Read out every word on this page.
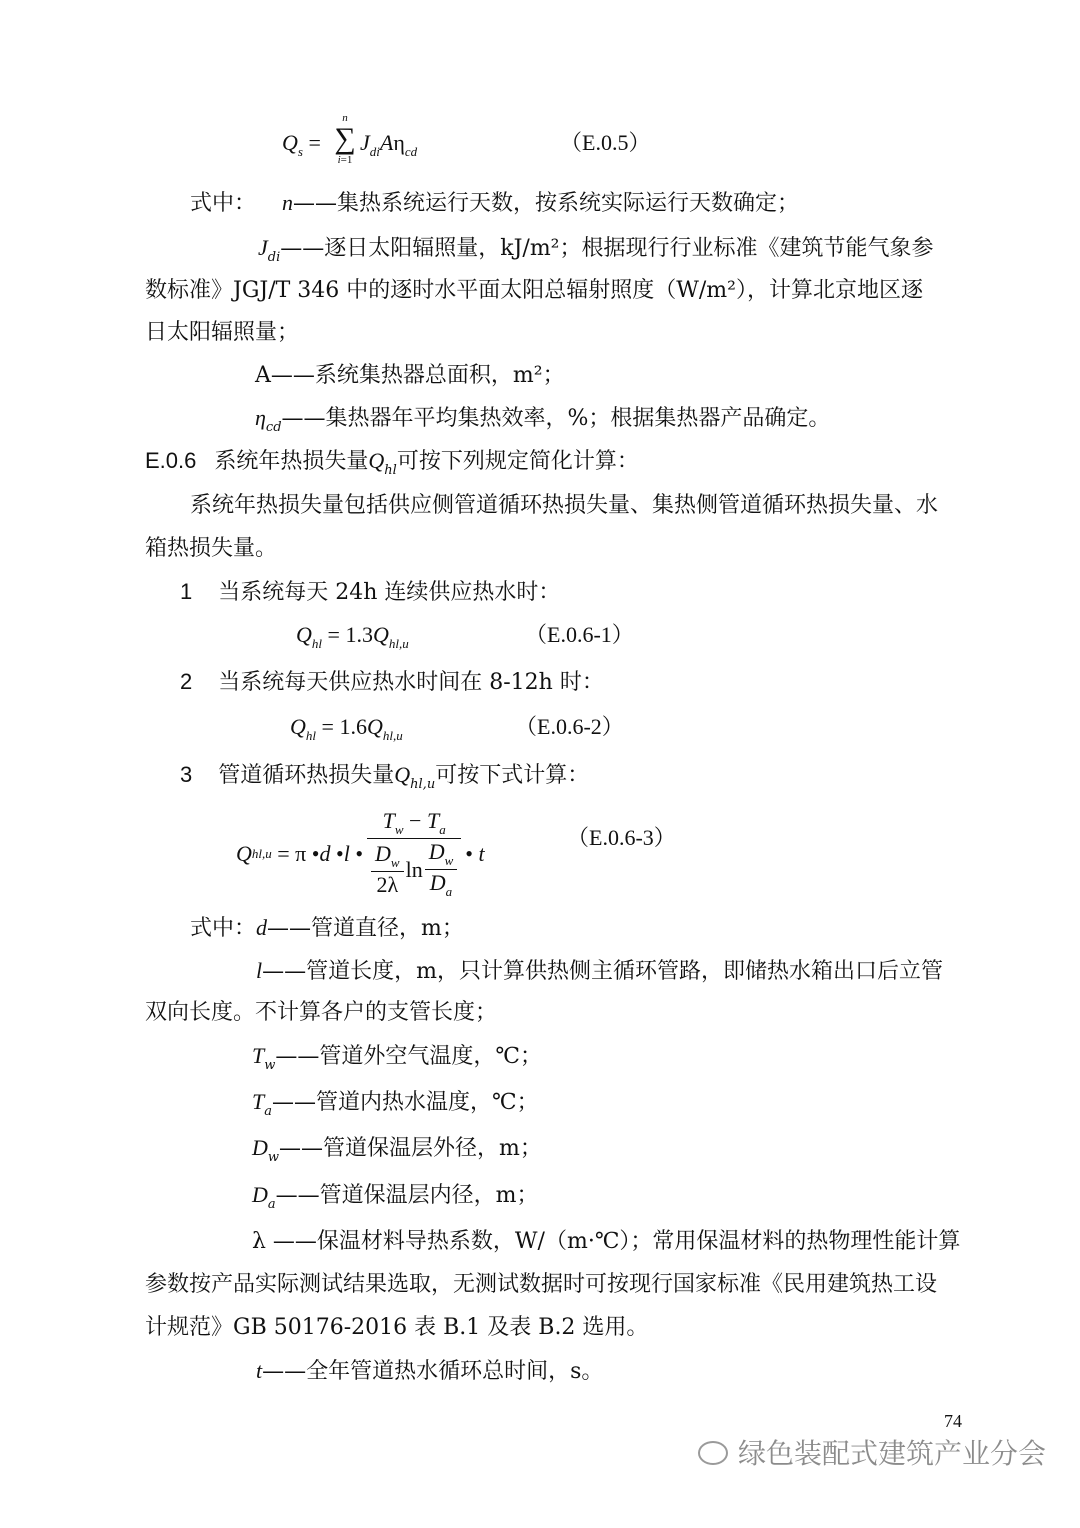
$Q_s$ =
n
∑
i=1
$J_{di}A\eta_{cd}$	（E.0.5）
式中： n——集热系统运行天数，按系统实际运行天数确定；
$J_{di}——$逐日太阳辐照量，kJ/m²；根据现行行业标准《建筑节能气象参
数标准》JGJ/T 346 中的逐时水平面太阳总辐射照度（W/m²），计算北京地区逐
日太阳辐照量；
A——系统集热器总面积，m²；
$\eta_{cd}——$集热器年平均集热效率，%；根据集热器产品确定。
E.0.6 系统年热损失量$Q_{hl}$可按下列规定简化计算：
系统年热损失量包括供应侧管道循环热损失量、集热侧管道循环热损失量、水
箱热损失量。
1 当系统每天 24h 连续供应热水时：
$Q_{hl} = 1.3Q_{hl,u}$	（E.0.6-1）
2 当系统每天供应热水时间在 8-12h 时：
$Q_{hl} = 1.6Q_{hl,u}$	（E.0.6-2）
3 管道循环热损失量$Q_{hl,u}$可按下式计算：
Q hl,u = π • d • l • $\frac{T_w - T_a}{\frac{D_w}{2\lambda} \ln \frac{D_w}{D_a}}$ • t
（E.0.6-3）
式中：d——管道直径，m；
l——管道长度，m，只计算供热侧主循环管路，即储热水箱出口后立管
双向长度。不计算各户的支管长度；
$T_w——$管道外空气温度，℃；
$T_a——$管道内热水温度，℃；
$D_w——$管道保温层外径，m；
$D_a——$管道保温层内径，m；
λ ——保温材料导热系数，W/（m·℃）；常用保温材料的热物理性能计算
参数按产品实际测试结果选取，无测试数据时可按现行国家标准《民用建筑热工设
计规范》GB 50176-2016 表 B.1 及表 B.2 选用。
t——全年管道热水循环总时间，s。
74
绿色装配式建筑产业分会
